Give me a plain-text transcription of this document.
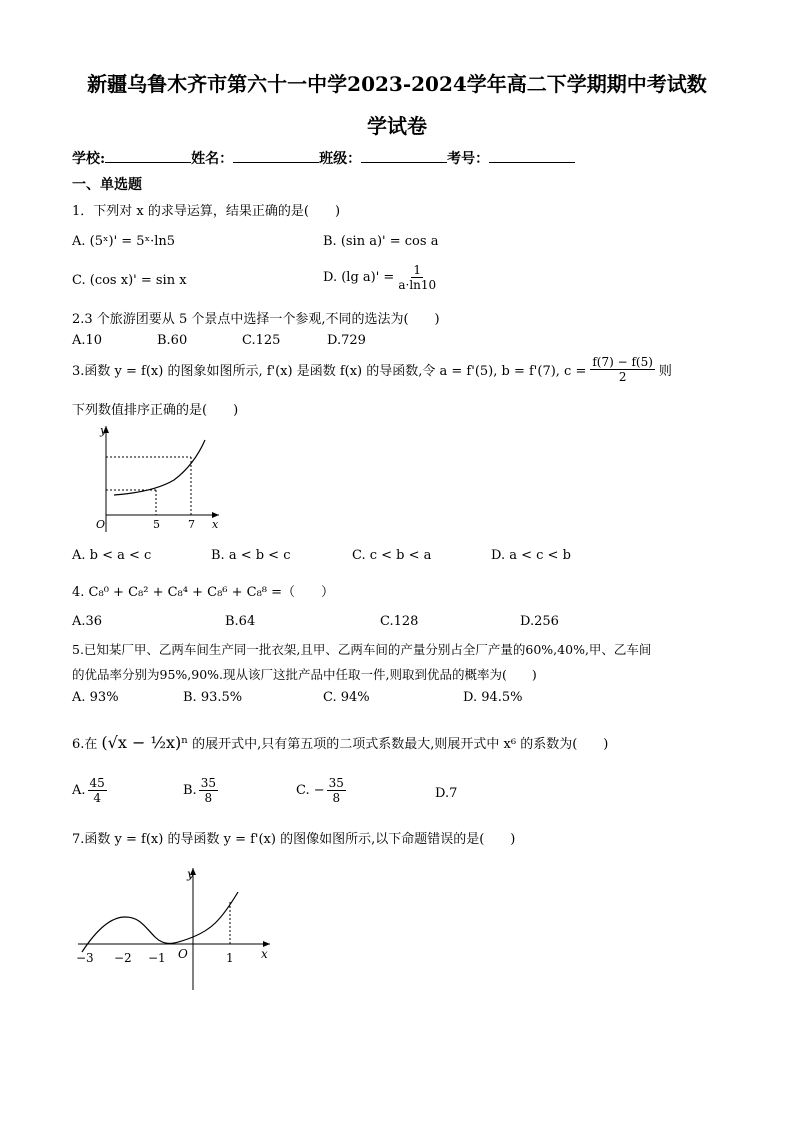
新疆乌鲁木齐市第六十一中学2023-2024学年高二下学期期中考试数
学试卷
学校:	姓名：	班级：	考号：
一、单选题
1．下列对 x 的求导运算，结果正确的是(　　)
A. (5ˣ)' = 5ˣ·ln5	B. (sin a)' = cos a
C. (cos x)' = sin x	D. (lg $a)' = \frac{1}{a\cdot\ln 10}$
2.3 个旅游团要从 5 个景点中选择一个参观,不同的选法为(　　)
A.10	B.60	C.125	D.729
3.函数 y = f(x) 的图象如图所示, f'(x) 是函数 f(x) 的导函数,令 a = f'(5), b = f'(7), $c = \frac{f(7) - f(5)}{2}$ 则
下列数值排序正确的是(　　)
y
x
O	5	7
A. b < a < c	B. a < b < c	C. c < b < a	D. a < c < b
4. C₈⁰ + C₈² + C₈⁴ + C₈⁶ + C₈⁸ =（　　）
A.36	B.64	C.128	D.256
5.已知某厂甲、乙两车间生产同一批衣架,且甲、乙两车间的产量分别占全厂产量的60%,40%,甲、乙车间
的优品率分别为95%,90%.现从该厂这批产品中任取一件,则取到优品的概率为(　　)
A. 93%	B. 93.5%	C. 94%	D. 94.5%
6.在 (√x − ½x)ⁿ 的展开式中,只有第五项的二项式系数最大,则展开式中 x⁶ 的系数为(　　)
A. $\frac{45}{4}$	B. $\frac{35}{8}$	C. − $\frac{35}{8}$	D.7
7.函数 y = f(x) 的导函数 y = f'(x) 的图像如图所示,以下命题错误的是(　　)
y
x
O
−3 −2 −1	1
